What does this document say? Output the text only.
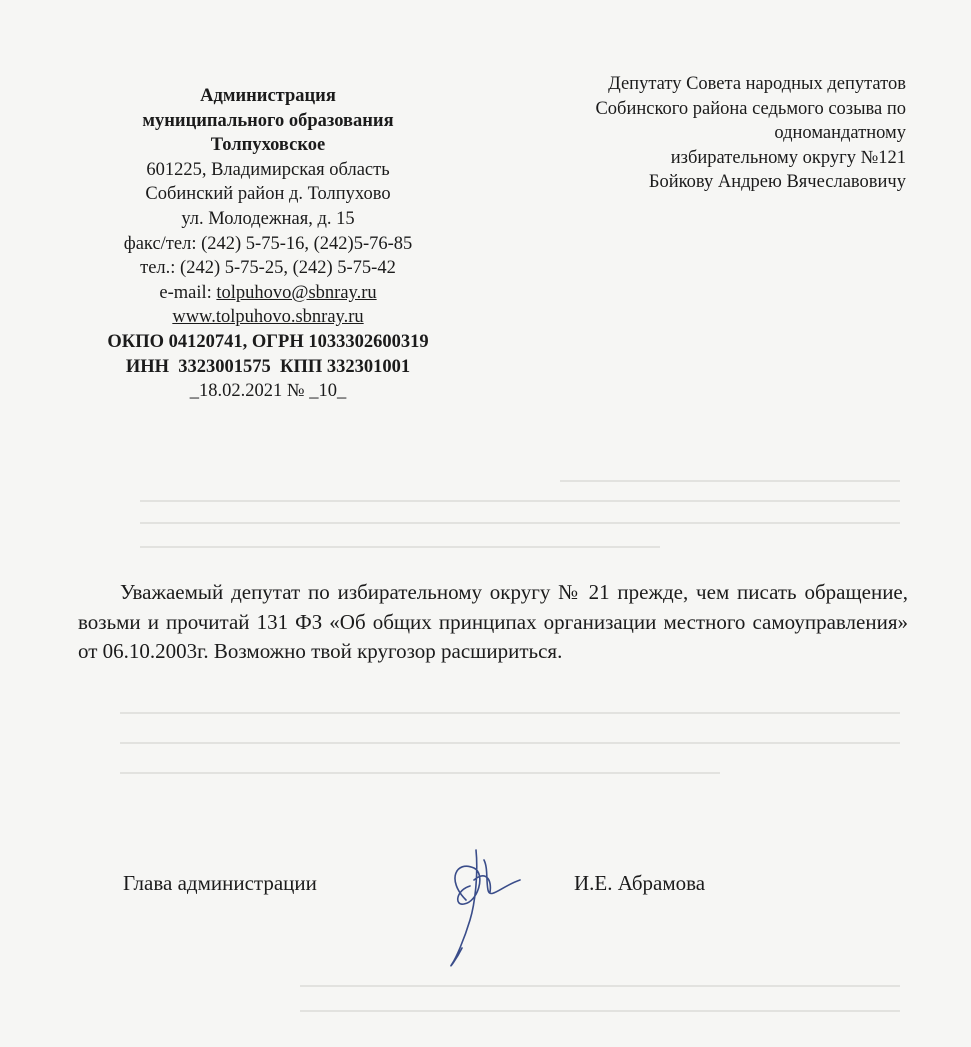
Администрация
муниципального образования
Толпуховское
601225, Владимирская область
Собинский район д. Толпухово
ул. Молодежная, д. 15
факс/тел: (242) 5-75-16, (242)5-76-85
тел.: (242) 5-75-25, (242) 5-75-42
e-mail: tolpuhovo@sbnray.ru
www.tolpuhovo.sbnray.ru
ОКПО 04120741, ОГРН 1033302600319
ИНН  3323001575  КПП 332301001
_18.02.2021 № _10_
Депутату Совета народных депутатов
Собинского района седьмого созыва по
одномандатному
избирательному округу №121
Бойкову Андрею Вячеславовичу
Уважаемый депутат по избирательному округу № 21 прежде, чем писать обращение, возьми и прочитай 131 ФЗ «Об общих принципах организации местного самоуправления» от 06.10.2003г. Возможно твой кругозор расшириться.
Глава администрации	И.Е. Абрамова
